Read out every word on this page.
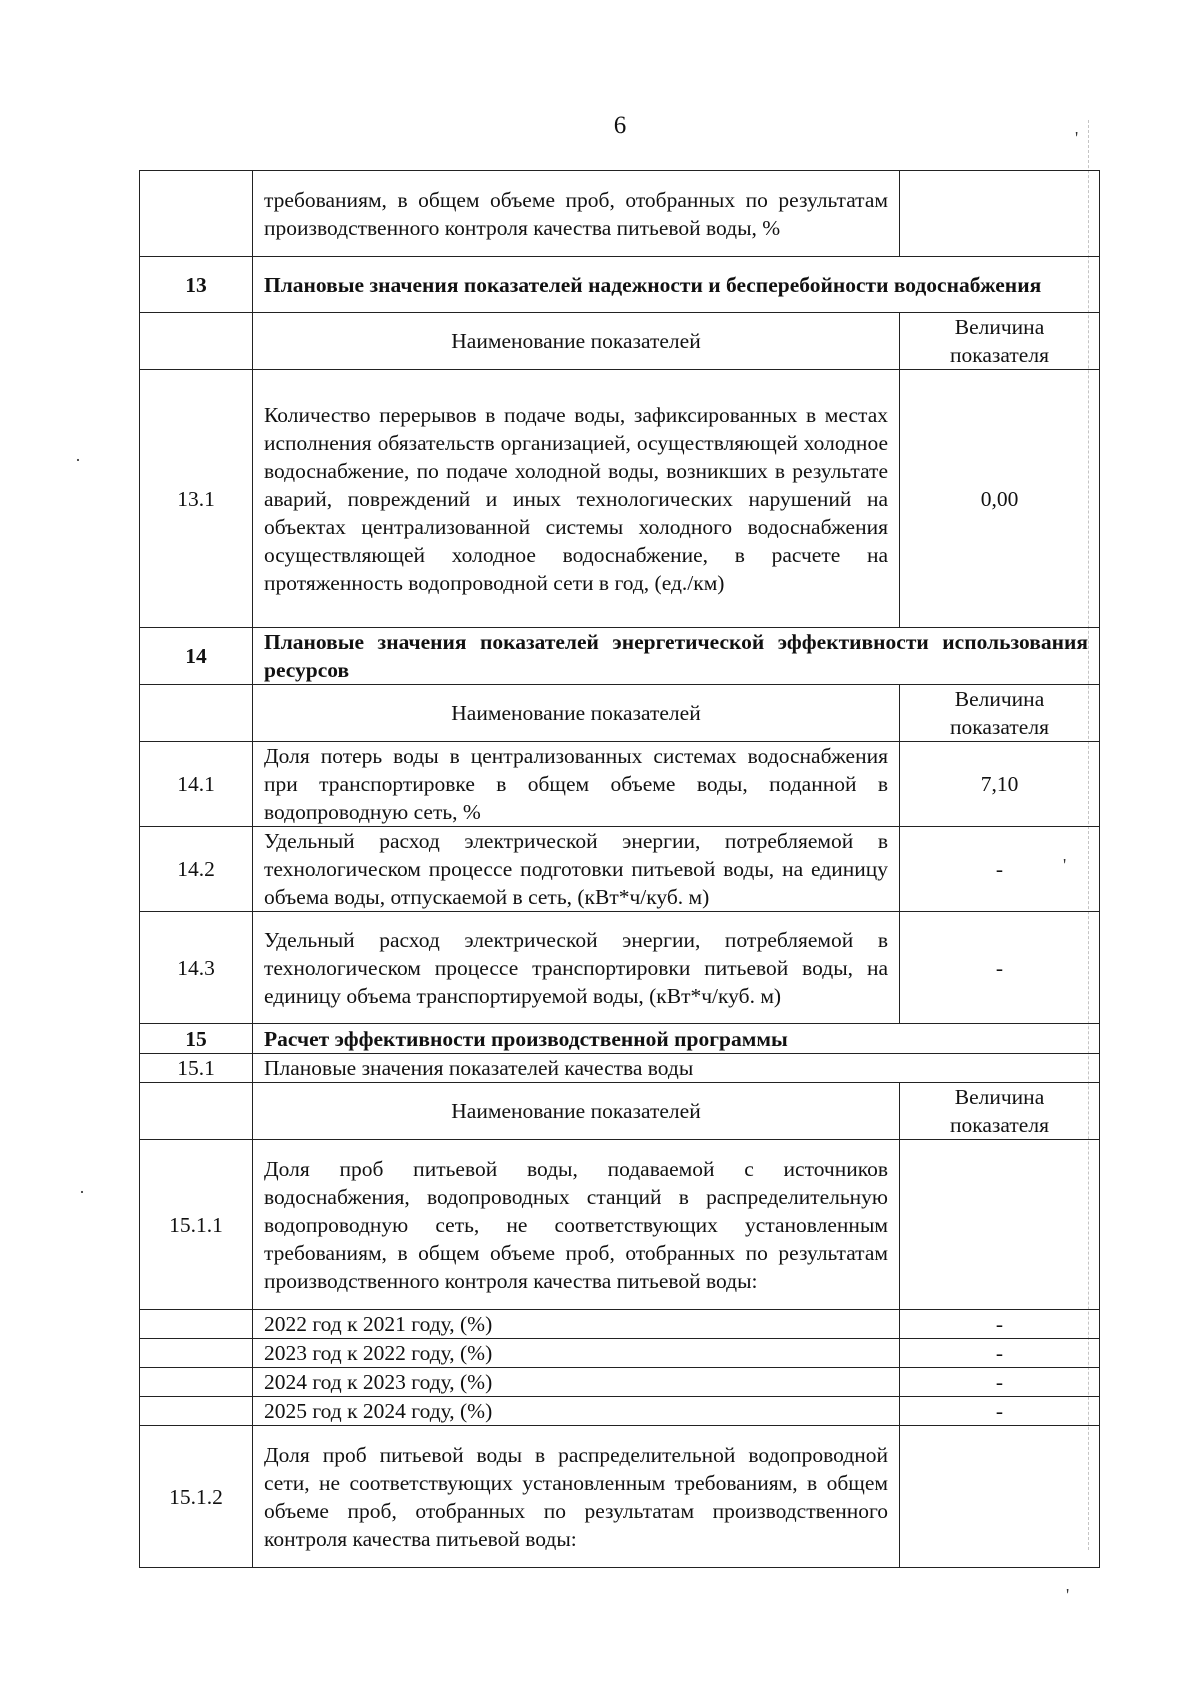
6	'
·
·
'
'
	требованиям, в общем объеме проб, отобранных по результатам производственного контроля качества питьевой воды, %	
13	Плановые значения показателей надежности и бесперебойности водоснабжения	
	Наименование показателей	Величина показателя
13.1	Количество перерывов в подаче воды, зафиксированных в местах исполнения обязательств организацией, осуществляющей холодное водоснабжение, по подаче холодной воды, возникших в результате аварий, повреждений и иных технологических нарушений на объектах централизованной системы холодного водоснабжения осуществляющей холодное водоснабжение, в расчете на протяженность водопроводной сети в год, (ед./км)	0,00
14	Плановые значения показателей энергетической эффективности использования ресурсов	
	Наименование показателей	Величина показателя
14.1	Доля потерь воды в централизованных системах водоснабжения при транспортировке в общем объеме воды, поданной в водопроводную сеть, %	7,10
14.2	Удельный расход электрической энергии, потребляемой в технологическом процессе подготовки питьевой воды, на единицу объема воды, отпускаемой в сеть, (кВт*ч/куб. м)	-
14.3	Удельный расход электрической энергии, потребляемой в технологическом процессе транспортировки питьевой воды, на единицу объема транспортируемой воды, (кВт*ч/куб. м)	-
15	Расчет эффективности производственной программы	
15.1	Плановые значения показателей качества воды	
	Наименование показателей	Величина показателя
15.1.1	Доля проб питьевой воды, подаваемой с источников водоснабжения, водопроводных станций в распределительную водопроводную сеть, не соответствующих установленным требованиям, в общем объеме проб, отобранных по результатам производственного контроля качества питьевой воды:	
	2022 год к 2021 году, (%)	-
	2023 год к 2022 году, (%)	-
	2024 год к 2023 году, (%)	-
	2025 год к 2024 году, (%)	-
15.1.2	Доля проб питьевой воды в распределительной водопроводной сети, не соответствующих установленным требованиям, в общем объеме проб, отобранных по результатам производственного контроля качества питьевой воды:	
